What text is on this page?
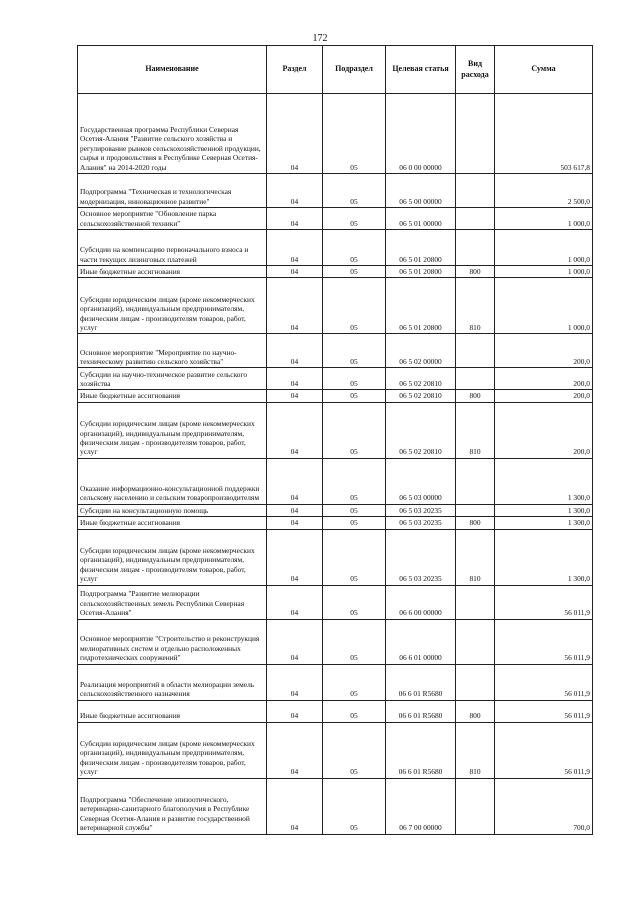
172
Наименование	Раздел	Подраздел	Целевая статья	Вид расхода	Сумма
Государственная программа Республики Северная Осетия-Алания "Развитие сельского хозяйства и регулирование рынков сельскохозяйственной продукции, сырья и продовольствия в Республике Северная Осетия-Алания" на 2014-2020 годы	04	05	06 0 00 00000		503 617,8
Подпрограмма "Техническая и технологическая модернизация, инновационное развитие"	04	05	06 5 00 00000		2 500,0
Основное мероприятие "Обновление парка сельскохозяйственной техники"	04	05	06 5 01 00000		1 000,0
Субсидии на компенсацию первоначального взноса и части текущих лизинговых платежей	04	05	06 5 01 20800		1 000,0
Иные бюджетные ассигнования	04	05	06 5 01 20800	800	1 000,0
Субсидии юридическим лицам (кроме некоммерческих организаций), индивидуальным предпринимателям, физическим лицам - производителям товаров, работ, услуг	04	05	06 5 01 20800	810	1 000,0
Основное мероприятие "Мероприятие по научно-техническому развитию сельского хозяйства"	04	05	06 5 02 00000		200,0
Субсидии на научно-техническое развитие сельского хозяйства	04	05	06 5 02 20810		200,0
Иные бюджетные ассигнования	04	05	06 5 02 20810	800	200,0
Субсидии юридическим лицам (кроме некоммерческих организаций), индивидуальным предпринимателям, физическим лицам - производителям товаров, работ, услуг	04	05	06 5 02 20810	810	200,0
Оказание информационно-консультационной поддержки сельскому населению и сельским товаропроизводителям	04	05	06 5 03 00000		1 300,0
Субсидии на консультационную помощь	04	05	06 5 03 20235		1 300,0
Иные бюджетные ассигнования	04	05	06 5 03 20235	800	1 300,0
Субсидии юридическим лицам (кроме некоммерческих организаций), индивидуальным предпринимателям, физическим лицам - производителям товаров, работ, услуг	04	05	06 5 03 20235	810	1 300,0
Подпрограмма "Развитие мелиорации сельскохозяйственных земель Республики Северная Осетия-Алания"	04	05	06 6 00 00000		56 011,9
Основное мероприятие "Строительство и реконструкция мелиоративных систем и отдельно расположенных гидротехнических сооружений"	04	05	06 6 01 00000		56 011,9
Реализация мероприятий в области мелиорации земель сельскохозяйственного назначения	04	05	06 6 01 R5680		56 011,9
Иные бюджетные ассигнования	04	05	06 6 01 R5680	800	56 011,9
Субсидии юридическим лицам (кроме некоммерческих организаций), индивидуальным предпринимателям, физическим лицам - производителям товаров, работ, услуг	04	05	06 6 01 R5680	810	56 011,9
Подпрограмма "Обеспечение эпизоотического, ветеринарно-санитарного благополучия в Республике Северная Осетия-Алания и развитие государственной ветеринарной службы"	04	05	06 7 00 00000		700,0
